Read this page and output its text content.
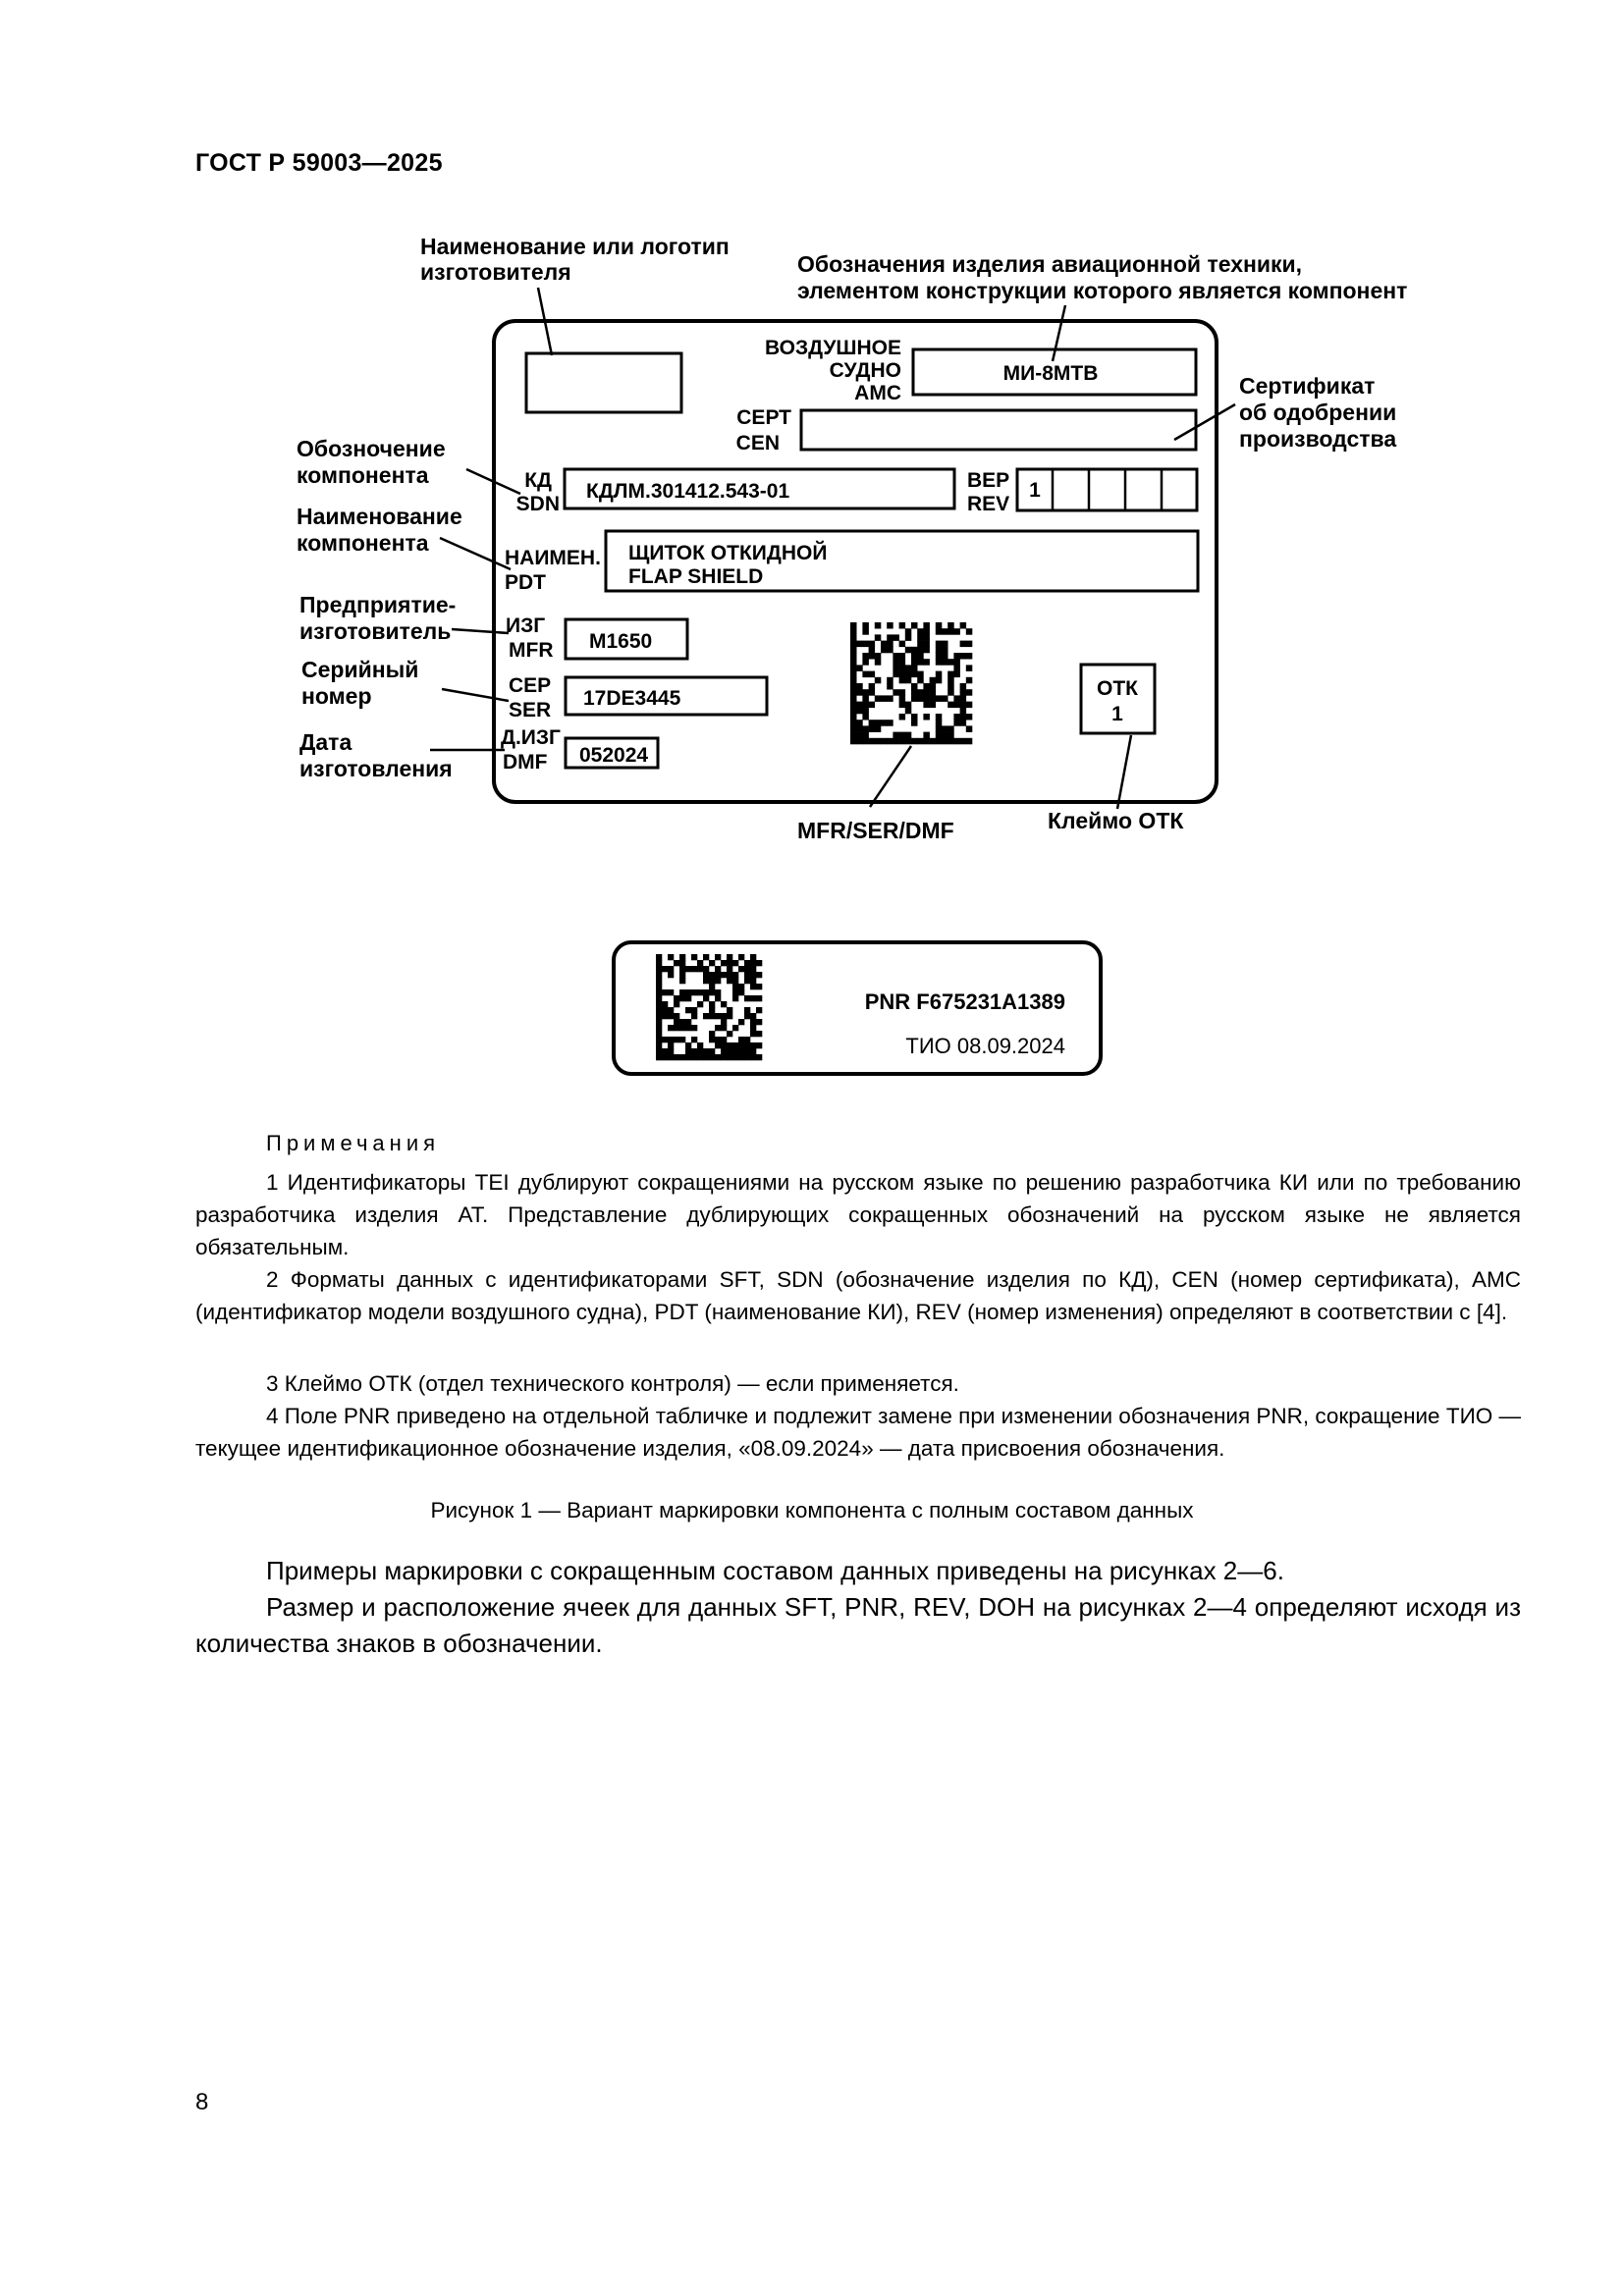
ГОСТ Р 59003—2025
ВОЗДУШНОЕ
СУДНО
АМС
МИ-8МТВ
СЕРТ
CEN
КД
SDN
КДЛМ.301412.543-01	ВЕР
REV
1
НАИМЕН.
PDT
ЩИТОК ОТКИДНОЙ
FLAP SHIELD
ИЗГ
MFR M1650
СЕР
SER
17DE3445
Д.ИЗГ
DMF 052024
ОТК
1
Наименование или логотип
изготовителя	Обозначения изделия авиационной техники,
элементом конструкции которого является компонент
Сертификат
об одобрении
производства
Обозночение
компонента
Наименование
компонента
Предприятие-
изготовитель
Серийный
номер
Дата
изготовления
MFR/SER/DMF	Клеймо ОТК
PNR F675231A1389
ТИО 08.09.2024
Примечания
1 Идентификаторы TEI дублируют сокращениями на русском языке по решению разработчика КИ или по требованию разработчика изделия АТ. Представление дублирующих сокращенных обозначений на русском языке не является обязательным.
2 Форматы данных с идентификаторами SFT, SDN (обозначение изделия по КД), CEN (номер сертификата), АМС (идентификатор модели воздушного судна), PDT (наименование КИ), REV (номер изменения) определяют в соответствии с [4].
3 Клеймо ОТК (отдел технического контроля) — если применяется.
4 Поле PNR приведено на отдельной табличке и подлежит замене при изменении обозначения PNR, сокращение ТИО — текущее идентификационное обозначение изделия, «08.09.2024» — дата присвоения обозначения.
Рисунок 1 — Вариант маркировки компонента с полным составом данных
Примеры маркировки с сокращенным составом данных приведены на рисунках 2—6.
Размер и расположение ячеек для данных SFT, PNR, REV, DOH на рисунках 2—4 определяют исходя из количества знаков в обозначении.
8
